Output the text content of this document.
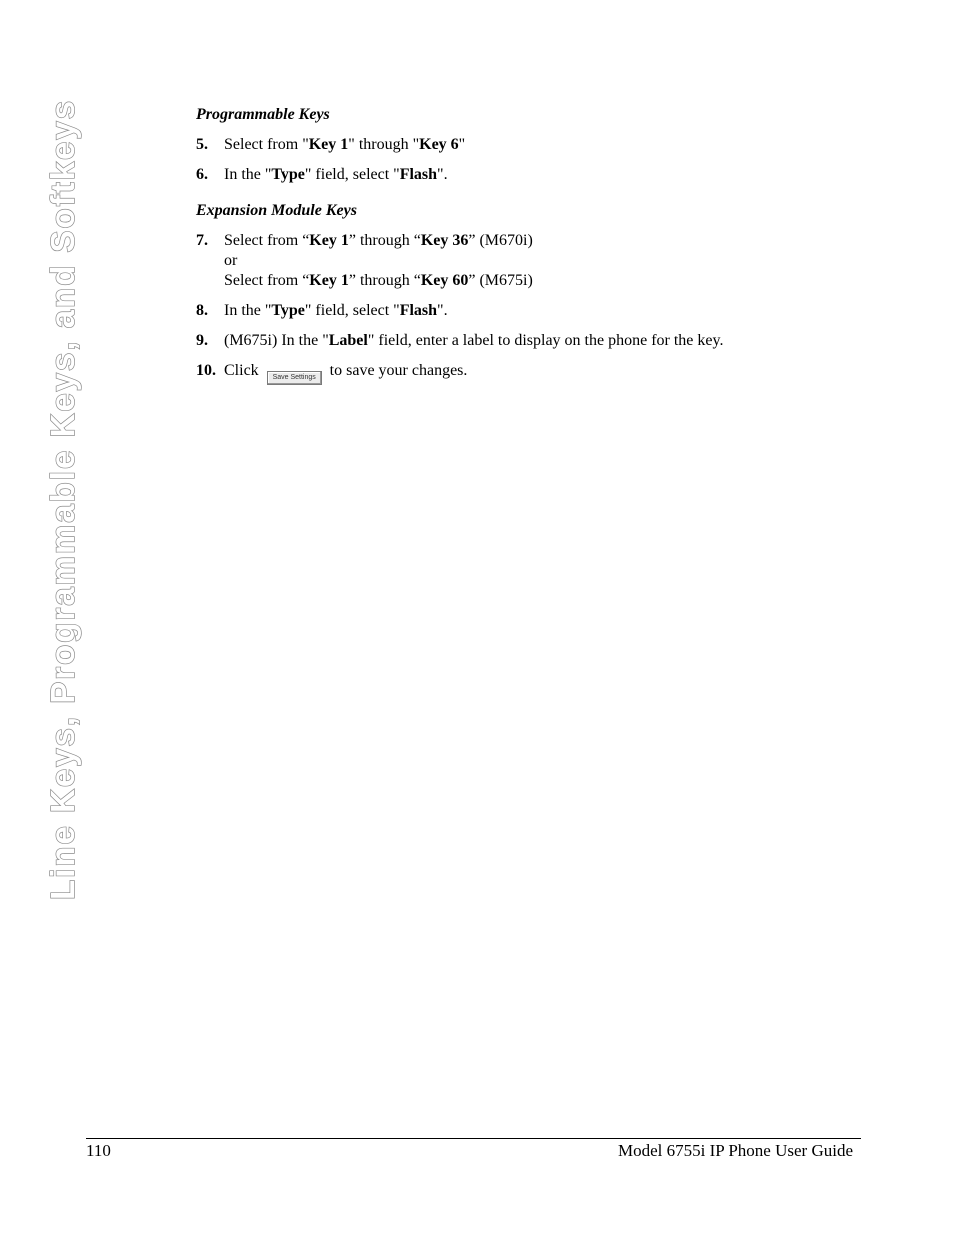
Line Keys, Programmable Keys, and Softkeys	Programmable Keys

5. Select from "Key 1" through "Key 6"
6. In the "Type" field, select "Flash".

Expansion Module Keys

7. Select from “Key 1” through “Key 36” (M670i)
or
Select from “Key 1” through “Key 60” (M675i)
8. In the "Type" field, select "Flash".
9. (M675i) In the "Label" field, enter a label to display on the phone for the key.
10. Click Save Settings to save your changes.
110	Model 6755i IP Phone User Guide
